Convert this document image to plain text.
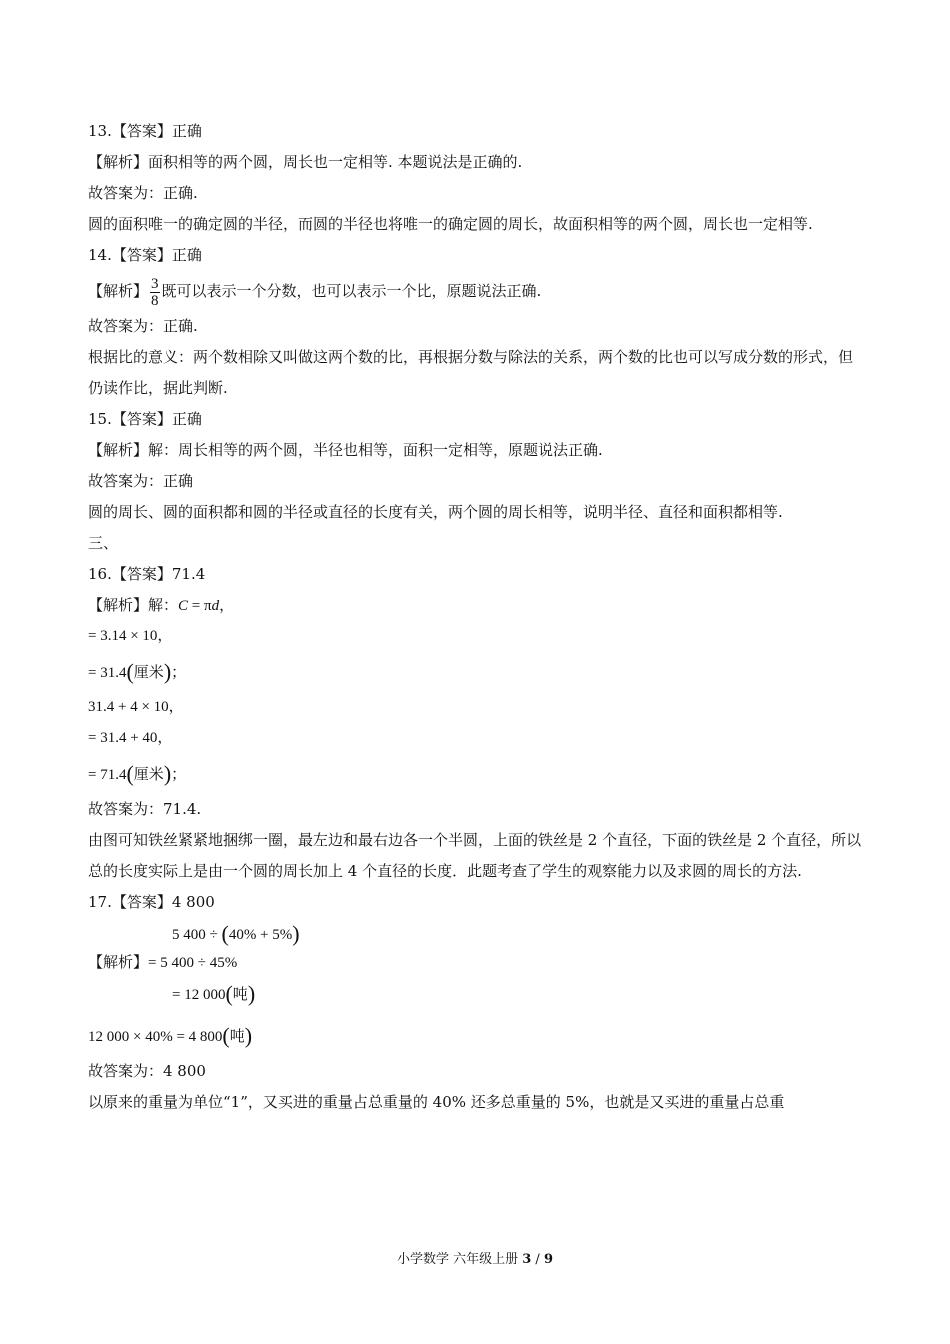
13.【答案】正确
【解析】面积相等的两个圆，周长也一定相等. 本题说法是正确的.
故答案为：正确.
圆的面积唯一的确定圆的半径，而圆的半径也将唯一的确定圆的周长，故面积相等的两个圆，周长也一定相等.
14.【答案】正确
【解析】 $\frac{3}{8}$ 既可以表示一个分数，也可以表示一个比，原题说法正确.
故答案为：正确.
根据比的意义：两个数相除又叫做这两个数的比，再根据分数与除法的关系，两个数的比也可以写成分数的形式，但仍读作比，据此判断.
15.【答案】正确
【解析】解：周长相等的两个圆，半径也相等，面积一定相等，原题说法正确.
故答案为：正确
圆的周长、圆的面积都和圆的半径或直径的长度有关，两个圆的周长相等，说明半径、直径和面积都相等.
三、
16.【答案】71.4
【解析】解：C = πd，
= 3.14 × 10，
= 31.4(厘米)；
31.4 + 4 × 10，
= 31.4 + 40，
= 71.4(厘米)；
故答案为：71.4.
由图可知铁丝紧紧地捆绑一圈，最左边和最右边各一个半圆，上面的铁丝是 2 个直径，下面的铁丝是 2 个直径，所以总的长度实际上是由一个圆的周长加上 4 个直径的长度．此题考查了学生的观察能力以及求圆的周长的方法.
17.【答案】4 800
5 400 ÷ (40% + 5%)
【解析】= 5 400 ÷ 45%
= 12 000(吨)
12 000 × 40% = 4 800(吨)
故答案为：4 800
以原来的重量为单位“1”，又买进的重量占总重量的 40% 还多总重量的 5%，也就是又买进的重量占总重
小学数学 六年级上册 3 / 9
